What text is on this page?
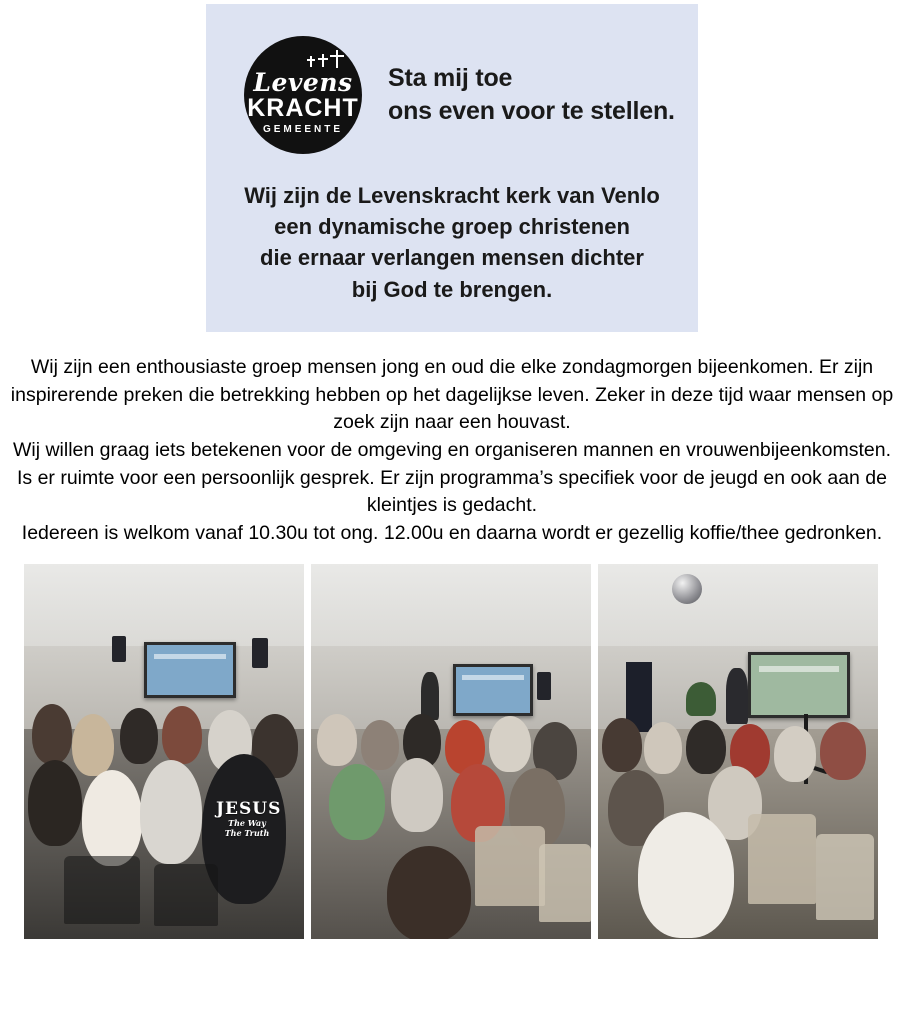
Levens
KRACHT
GEMEENTE
Sta mij toe
ons even voor te stellen.
Wij zijn de Levenskracht kerk van Venlo
een dynamische groep christenen
die ernaar verlangen mensen dichter
bij God te brengen.

Wij zijn een enthousiaste groep mensen jong en oud die elke zondagmorgen bijeenkomen. Er zijn inspirerende preken die betrekking hebben op het dagelijkse leven. Zeker in deze tijd waar mensen op zoek zijn naar een houvast.

Wij willen graag iets betekenen voor de omgeving en organiseren mannen en vrouwenbijeenkomsten. Is er ruimte voor een persoonlijk gesprek. Er zijn programma’s specifiek voor de jeugd en ook aan de kleintjes is gedacht.

Iedereen is welkom vanaf 10.30u tot ong. 12.00u en daarna wordt er gezellig koffie/thee gedronken.

JESUS
The Way
The Truth
